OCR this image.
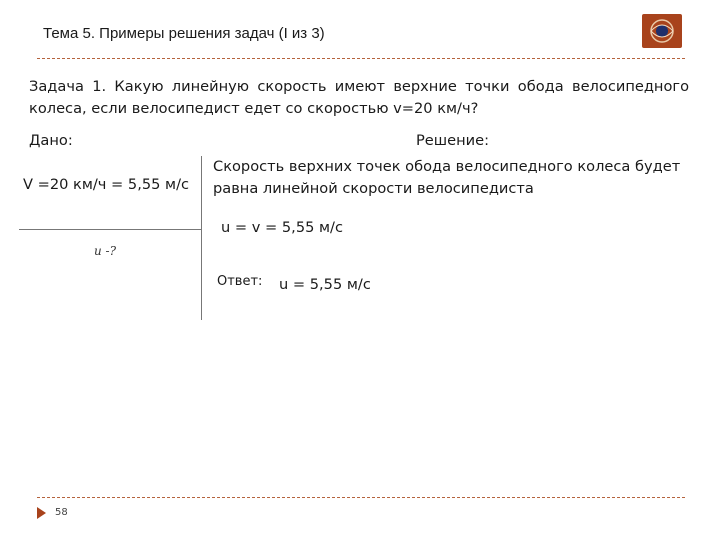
Тема 5. Примеры решения задач (I из 3)
Задача 1. Какую линейную скорость имеют верхние точки обода велосипедного колеса, если велосипедист едет со скоростью v=20 км/ч?
Дано:	Решение:
V =20 км/ч = 5,55 м/с
Скорость верхних точек обода велосипедного колеса будет равна линейной скорости велосипедиста
u = v = 5,55 м/с
u -?
Ответ: u = 5,55 м/с
58
